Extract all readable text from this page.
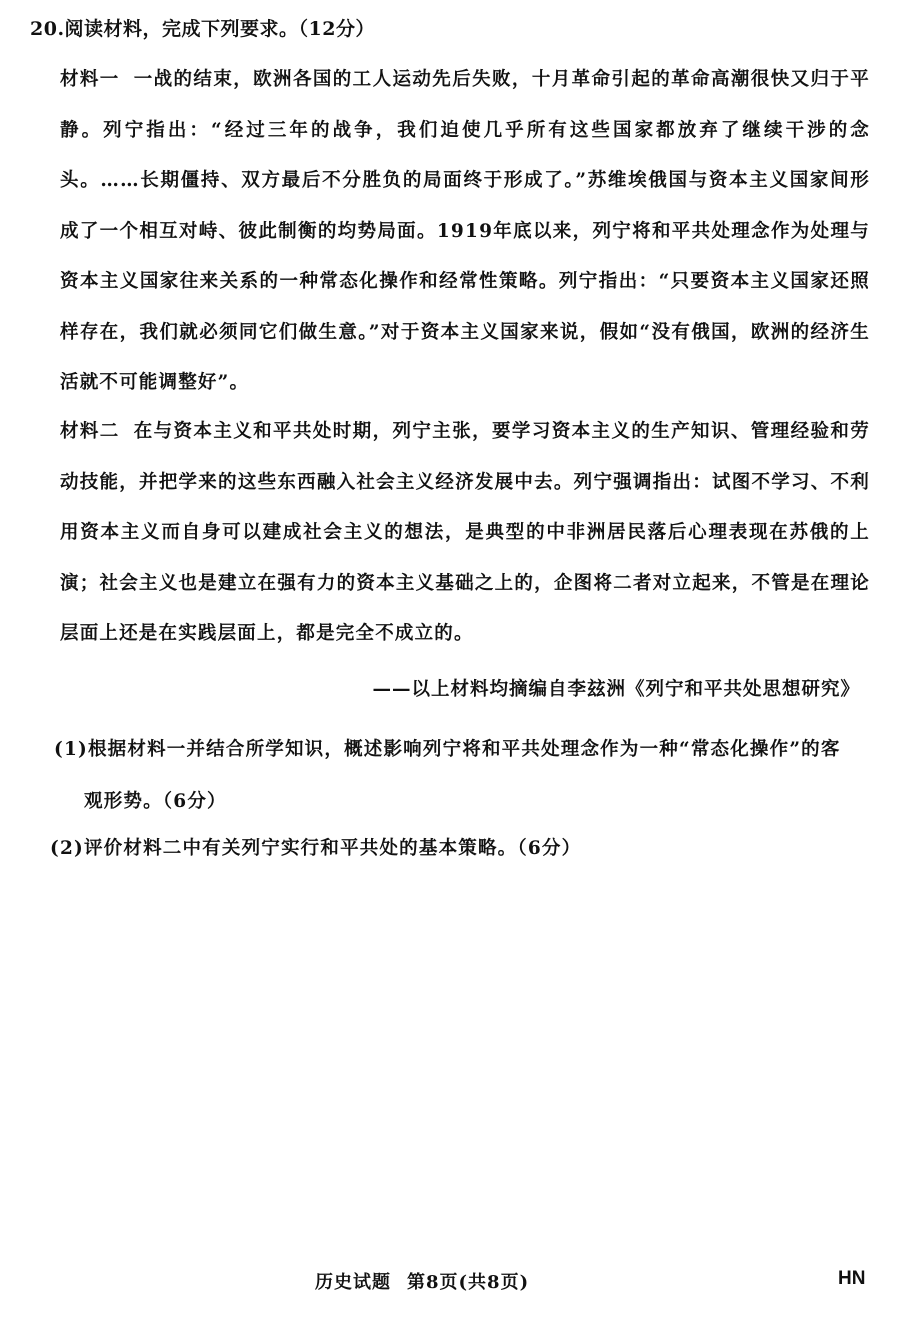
20.阅读材料，完成下列要求。（12分）
材料一 一战的结束，欧洲各国的工人运动先后失败，十月革命引起的革命高潮很快又归于平静。列宁指出：“经过三年的战争，我们迫使几乎所有这些国家都放弃了继续干涉的念头。……长期僵持、双方最后不分胜负的局面终于形成了。”苏维埃俄国与资本主义国家间形成了一个相互对峙、彼此制衡的均势局面。1919年底以来，列宁将和平共处理念作为处理与资本主义国家往来关系的一种常态化操作和经常性策略。列宁指出：“只要资本主义国家还照样存在，我们就必须同它们做生意。”对于资本主义国家来说，假如“没有俄国，欧洲的经济生活就不可能调整好”。
材料二 在与资本主义和平共处时期，列宁主张，要学习资本主义的生产知识、管理经验和劳动技能，并把学来的这些东西融入社会主义经济发展中去。列宁强调指出：试图不学习、不利用资本主义而自身可以建成社会主义的想法，是典型的中非洲居民落后心理表现在苏俄的上演；社会主义也是建立在强有力的资本主义基础之上的，企图将二者对立起来，不管是在理论层面上还是在实践层面上，都是完全不成立的。
——以上材料均摘编自李玆洲《列宁和平共处思想研究》
(1)根据材料一并结合所学知识，概述影响列宁将和平共处理念作为一种“常态化操作”的客
观形势。（6分）
(2)评价材料二中有关列宁实行和平共处的基本策略。（6分）
历史试题 第8页(共8页)	HN
